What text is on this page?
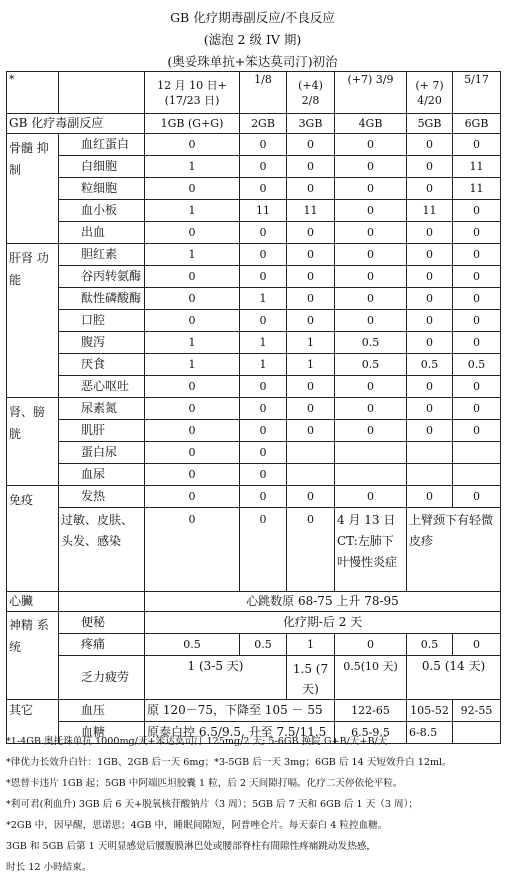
GB 化疗期毒副反应/不良反应
(滤泡 2 级 IV 期)
(奥妥珠单抗+笨达莫司汀)初治
*		12 月 10 日+ (17/23 日)	1/8	(+4) 2/8	(+7) 3/9	(+ 7) 4/20	5/17
GB 化疗毒副反应		1GB (G+G)	2GB	3GB	4GB	5GB	6GB
骨髓 抑制	血红蛋白	0	0	0	0	0	0
	白细胞	1	0	0	0	0	11
	粒细胞	0	0	0	0	0	11
	血小板	1	11	11	0	11	0
	出血	0	0	0	0	0	0
肝肾 功能	胆红素	1	0	0	0	0	0
	谷丙转氨酶	0	0	0	0	0	0
	酞性磷酸酶	0	1	0	0	0	0
	口腔	0	0	0	0	0	0
	腹泻	1	1	1	0.5	0	0
	厌食	1	1	1	0.5	0.5	0.5
	恶心呕吐	0	0	0	0	0	0
肾、膀胱	尿素氮	0	0	0	0	0	0
	肌肝	0	0	0	0	0	0
	蛋白尿	0	0				
	血尿	0	0				
免疫	发热	0	0	0	0	0	0
	过敏、皮肤、头发、感染	0	0	0	4 月 13 日 CT:左肺下叶慢性炎症	上臂颈下有轻微皮疹	
心臟		心跳数原 68-75 上升 78-95					
神精 系统	便秘	化疗期-后 2 天					
	疼痛	0.5	0.5	1	0	0.5	0
	乏力疲劳	1 (3-5 天)		1.5 (7 天)	0.5(10 天)	0.5 (14 天)	
其它	血压	原 120－75，下降至 105 － 55			122-65	105-52	92-55
	血糖	原泰白控 6.5/9.5, 升至 7.5/11.5			6.5-9.5	6-8.5	
*1-4GB 奥托珠单抗 1000mg/天+笨达莫司汀 125mg/2 天; 5-6GB 换院 G+B/天+B/天
*律优力长效升白针：1GB、2GB 后一天 6mg；*3-5GB 后一天 3mg；6GB 后 14 天短效升白 12ml。
*恩替卡违片 1GB 起；5GB 中阿端匹坦胶囊 1 粒，后 2 天间隙打嗝。化疗二天停依伦平粒。
*利可君(利血升) 3GB 后 6 天+脱氧核苷酸钠片（3 周）；5GB 后 7 天和 6GB 后 1 天（3 周）；
*2GB 中，因早醒，思诺思；4GB 中，睡眠间隙短，阿普唑仑片。每天泰白 4 粒控血糖。
3GB 和 5GB 后第 1 天明显感觉后腰腹膜淋巴处或腰部脊柱有間隙性疼痛跳动发热感，
时长 12 小時結束。
